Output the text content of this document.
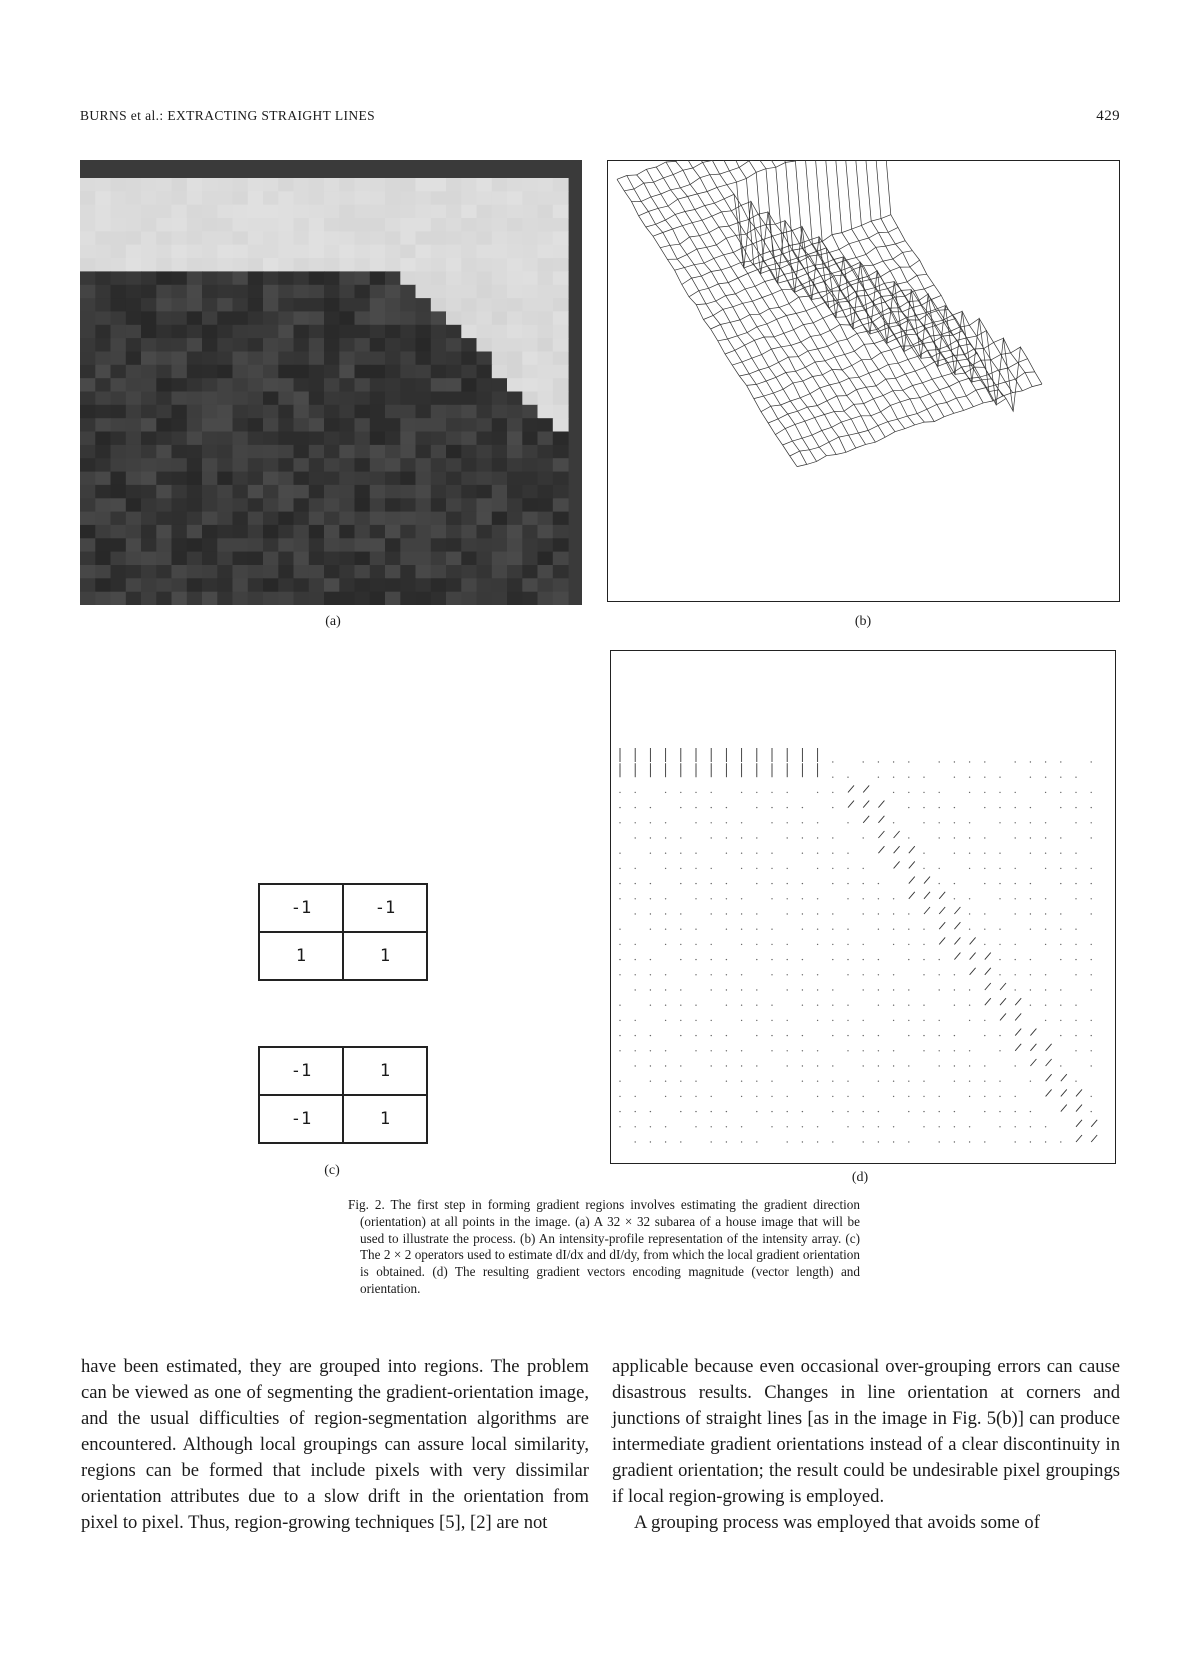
BURNS et al.: EXTRACTING STRAIGHT LINES	429
(a)	(b)
-1	-1
1	1
-1	1
-1	1
(c)	(d)
Fig. 2. The first step in forming gradient regions involves estimating the gradient direction (orientation) at all points in the image. (a) A 32 × 32 subarea of a house image that will be used to illustrate the process. (b) An intensity-profile representation of the intensity array. (c) The 2 × 2 operators used to estimate dI/dx and dI/dy, from which the local gradient orientation is obtained. (d) The resulting gradient vectors encoding magnitude (vector length) and orientation.

have been estimated, they are grouped into regions. The problem can be viewed as one of segmenting the gradient-orientation image, and the usual difficulties of region-segmentation algorithms are encountered. Although local groupings can assure local similarity, regions can be formed that include pixels with very dissimilar orientation attributes due to a slow drift in the orientation from pixel to pixel. Thus, region-growing techniques [5], [2] are not

applicable because even occasional over-grouping errors can cause disastrous results. Changes in line orientation at corners and junctions of straight lines [as in the image in Fig. 5(b)] can produce intermediate gradient orientations instead of a clear discontinuity in gradient orientation; the result could be undesirable pixel groupings if local region-growing is employed.

A grouping process was employed that avoids some of
